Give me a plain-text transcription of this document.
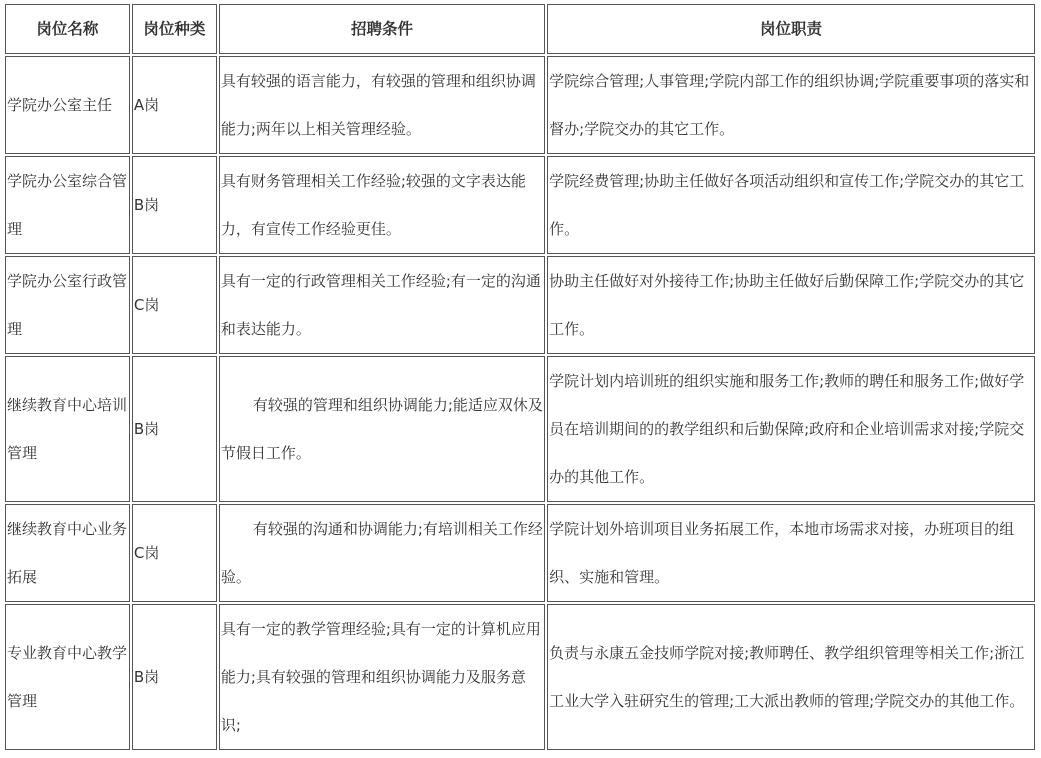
岗位名称	岗位种类	招聘条件	岗位职责
学院办公室主任	A岗	具有较强的语言能力，有较强的管理和组织协调能力;两年以上相关管理经验。	学院综合管理;人事管理;学院内部工作的组织协调;学院重要事项的落实和督办;学院交办的其它工作。

学院办公室综合管理	B岗	具有财务管理相关工作经验;较强的文字表达能力，有宣传工作经验更佳。	学院经费管理;协助主任做好各项活动组织和宣传工作;学院交办的其它工作。

学院办公室行政管理	C岗	具有一定的行政管理相关工作经验;有一定的沟通和表达能力。	协助主任做好对外接待工作;协助主任做好后勤保障工作;学院交办的其它工作。

继续教育中心培训管理	B岗	有较强的管理和组织协调能力;能适应双休及节假日工作。	学院计划内培训班的组织实施和服务工作;教师的聘任和服务工作;做好学员在培训期间的的教学组织和后勤保障;政府和企业培训需求对接;学院交办的其他工作。

继续教育中心业务拓展	C岗	有较强的沟通和协调能力;有培训相关工作经验。	学院计划外培训项目业务拓展工作，本地市场需求对接，办班项目的组织、实施和管理。

专业教育中心教学管理	B岗	具有一定的教学管理经验;具有一定的计算机应用能力;具有较强的管理和组织协调能力及服务意识;	负责与永康五金技师学院对接;教师聘任、教学组织管理等相关工作;浙江工业大学入驻研究生的管理;工大派出教师的管理;学院交办的其他工作。
